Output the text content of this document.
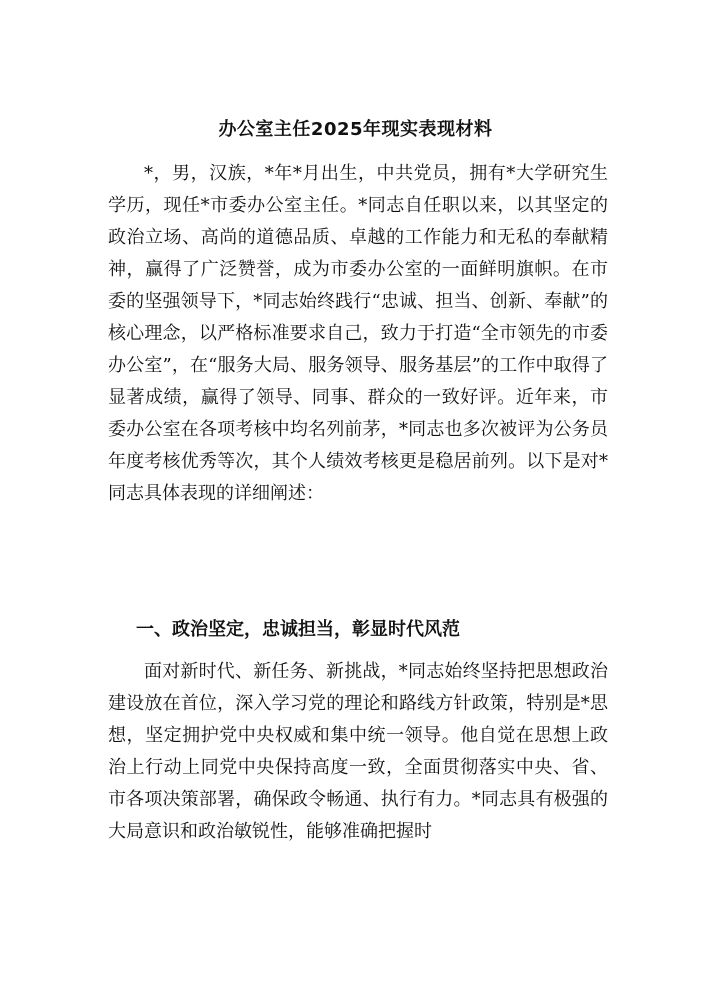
办公室主任2025年现实表现材料

*，男，汉族，*年*月出生，中共党员，拥有*大学研究生学历，现任*市委办公室主任。*同志自任职以来，以其坚定的政治立场、高尚的道德品质、卓越的工作能力和无私的奉献精神，赢得了广泛赞誉，成为市委办公室的一面鲜明旗帜。在市委的坚强领导下，*同志始终践行“忠诚、担当、创新、奉献”的核心理念，以严格标准要求自己，致力于打造“全市领先的市委办公室”，在“服务大局、服务领导、服务基层”的工作中取得了显著成绩，赢得了领导、同事、群众的一致好评。近年来，市委办公室在各项考核中均名列前茅，*同志也多次被评为公务员年度考核优秀等次，其个人绩效考核更是稳居前列。以下是对*同志具体表现的详细阐述：

一、政治坚定，忠诚担当，彰显时代风范

面对新时代、新任务、新挑战，*同志始终坚持把思想政治建设放在首位，深入学习党的理论和路线方针政策，特别是*思想，坚定拥护党中央权威和集中统一领导。他自觉在思想上政治上行动上同党中央保持高度一致，全面贯彻落实中央、省、市各项决策部署，确保政令畅通、执行有力。*同志具有极强的大局意识和政治敏锐性，能够准确把握时
